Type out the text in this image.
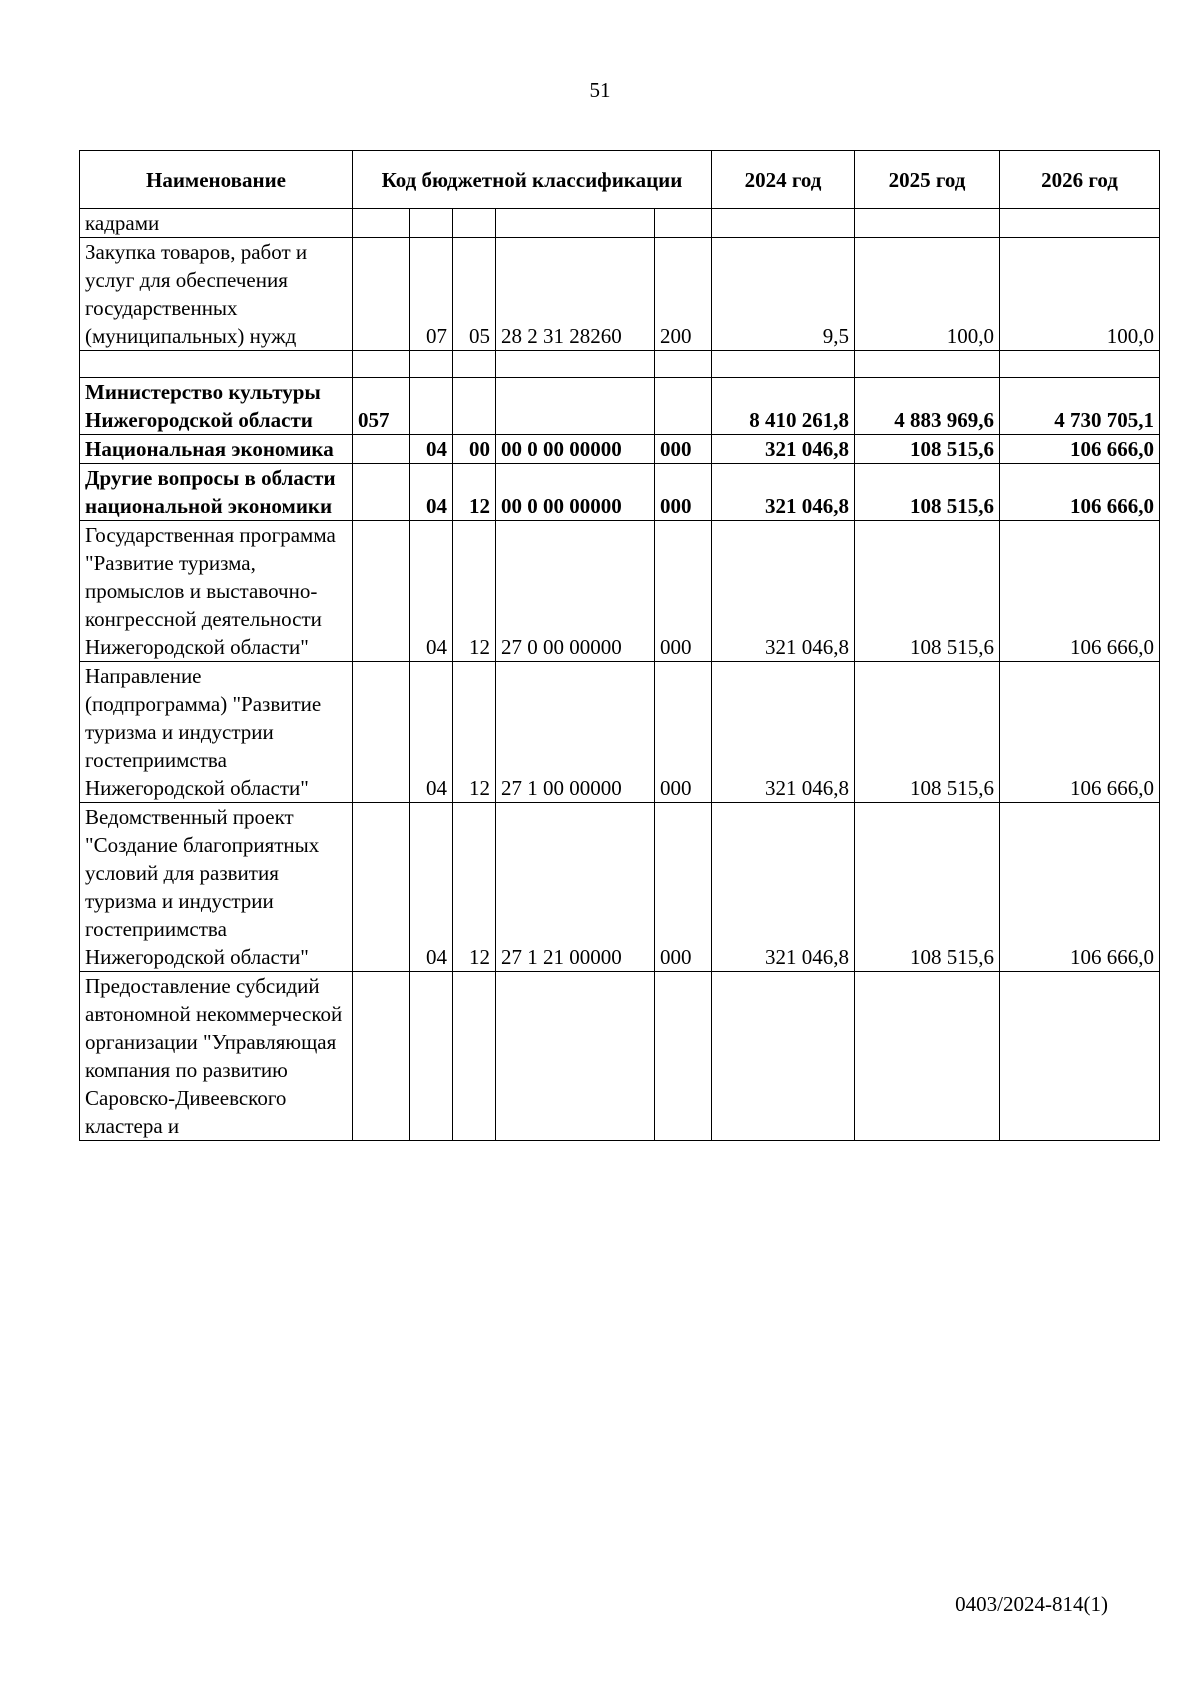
51
Наименование	Код бюджетной классификации					2024 год	2025 год	2026 год
кадрами								
Закупка товаров, работ и услуг для обеспечения государственных (муниципальных) нужд		07	05	28 2 31 28260	200	9,5	100,0	100,0

Министерство культуры Нижегородской области	057					8 410 261,8	4 883 969,6	4 730 705,1
Национальная экономика		04	00	00 0 00 00000	000	321 046,8	108 515,6	106 666,0
Другие вопросы в области национальной экономики		04	12	00 0 00 00000	000	321 046,8	108 515,6	106 666,0
Государственная программа "Развитие туризма, промыслов и выставочно-конгрессной деятельности Нижегородской области"		04	12	27 0 00 00000	000	321 046,8	108 515,6	106 666,0
Направление (подпрограмма) "Развитие туризма и индустрии гостеприимства Нижегородской области"		04	12	27 1 00 00000	000	321 046,8	108 515,6	106 666,0
Ведомственный проект "Создание благоприятных условий для развития туризма и индустрии гостеприимства Нижегородской области"		04	12	27 1 21 00000	000	321 046,8	108 515,6	106 666,0
Предоставление субсидий автономной некоммерческой организации "Управляющая компания по развитию Саровско-Дивеевского кластера и								
0403/2024-814(1)
